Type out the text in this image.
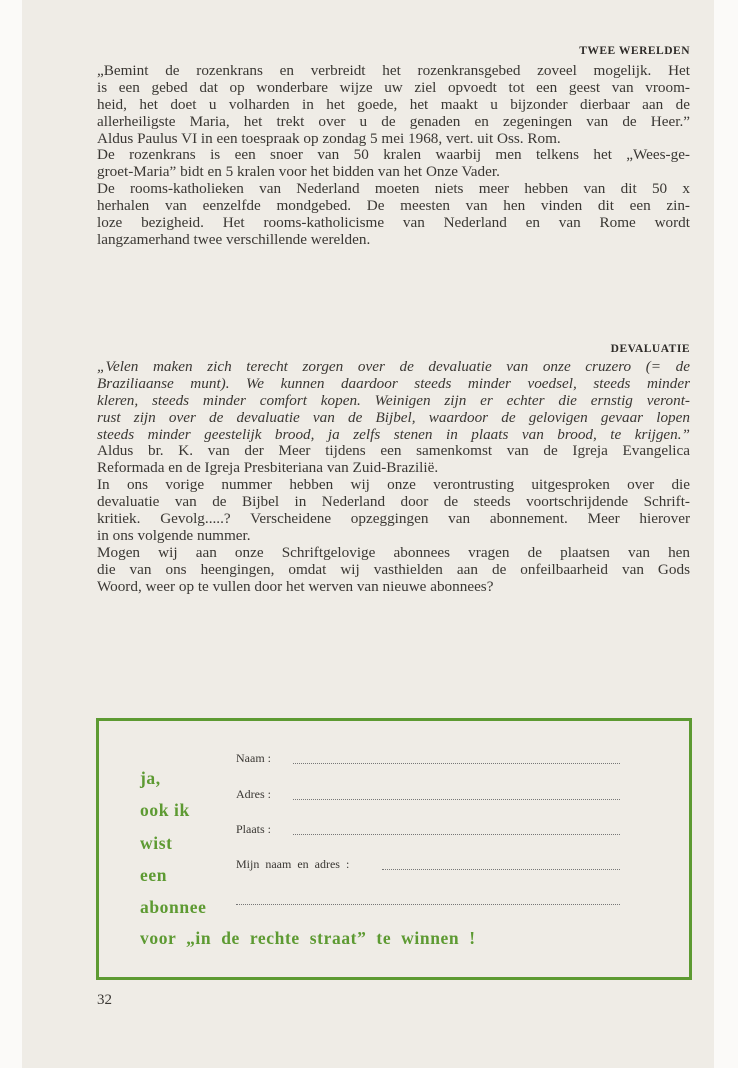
TWEE WERELDEN
„Bemint de rozenkrans en verbreidt het rozenkransgebed zoveel mogelijk. Het
is een gebed dat op wonderbare wijze uw ziel opvoedt tot een geest van vroom-
heid, het doet u volharden in het goede, het maakt u bijzonder dierbaar aan de
allerheiligste Maria, het trekt over u de genaden en zegeningen van de Heer.”
Aldus Paulus VI in een toespraak op zondag 5 mei 1968, vert. uit Oss. Rom.
De rozenkrans is een snoer van 50 kralen waarbij men telkens het „Wees-ge-
groet-Maria” bidt en 5 kralen voor het bidden van het Onze Vader.
De rooms-katholieken van Nederland moeten niets meer hebben van dit 50 x
herhalen van eenzelfde mondgebed. De meesten van hen vinden dit een zin-
loze bezigheid. Het rooms-katholicisme van Nederland en van Rome wordt
langzamerhand twee verschillende werelden.
DEVALUATIE
„Velen maken zich terecht zorgen over de devaluatie van onze cruzero (= de
Braziliaanse munt). We kunnen daardoor steeds minder voedsel, steeds minder
kleren, steeds minder comfort kopen. Weinigen zijn er echter die ernstig veront-
rust zijn over de devaluatie van de Bijbel, waardoor de gelovigen gevaar lopen
steeds minder geestelijk brood, ja zelfs stenen in plaats van brood, te krijgen.”
Aldus br. K. van der Meer tijdens een samenkomst van de Igreja Evangelica
Reformada en de Igreja Presbiteriana van Zuid-Brazilië.
In ons vorige nummer hebben wij onze verontrusting uitgesproken over die
devaluatie van de Bijbel in Nederland door de steeds voortschrijdende Schrift-
kritiek. Gevolg.....? Verscheidene opzeggingen van abonnement. Meer hierover
in ons volgende nummer.
Mogen wij aan onze Schriftgelovige abonnees vragen de plaatsen van hen
die van ons heengingen, omdat wij vasthielden aan de onfeilbaarheid van Gods
Woord, weer op te vullen door het werven van nieuwe abonnees?
ja,
ook ik
wist
een
abonnee
voor „in de rechte straat” te winnen !
Naam :
Adres :
Plaats :
Mijn naam en adres :
32
